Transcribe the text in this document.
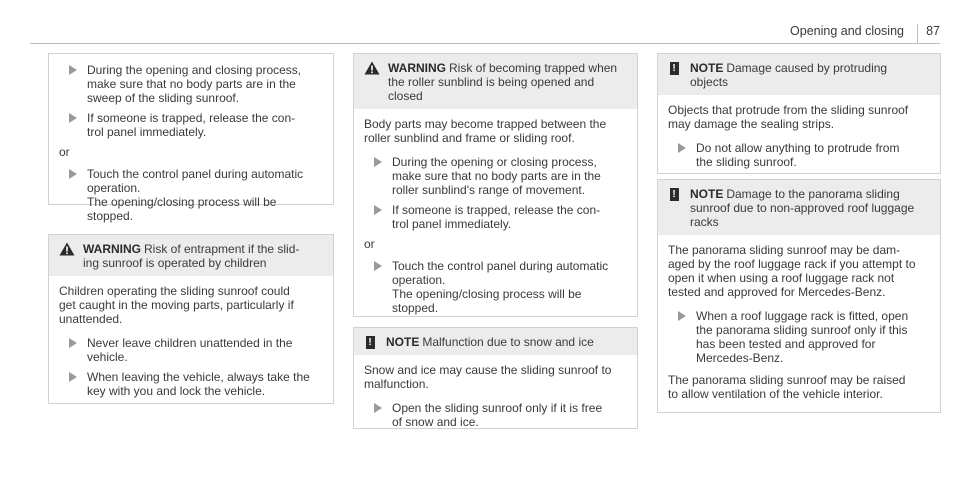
Opening and closing	87
During the opening and closing process,
make sure that no body parts are in the
sweep of the sliding sunroof.
If someone is trapped, release the con-
trol panel immediately.
or
Touch the control panel during automatic
operation.
The opening/closing process will be
stopped.
WARNING Risk of entrapment if the slid-
ing sunroof is operated by children
Children operating the sliding sunroof could
get caught in the moving parts, particularly if
unattended.
Never leave children unattended in the
vehicle.
When leaving the vehicle, always take the
key with you and lock the vehicle.
WARNING Risk of becoming trapped when
the roller sunblind is being opened and
closed
Body parts may become trapped between the
roller sunblind and frame or sliding roof.
During the opening or closing process,
make sure that no body parts are in the
roller sunblind's range of movement.
If someone is trapped, release the con-
trol panel immediately.
or
Touch the control panel during automatic
operation.
The opening/closing process will be
stopped.
! NOTE Malfunction due to snow and ice
Snow and ice may cause the sliding sunroof to
malfunction.
Open the sliding sunroof only if it is free
of snow and ice.
! NOTE Damage caused by protruding
objects
Objects that protrude from the sliding sunroof
may damage the sealing strips.
Do not allow anything to protrude from
the sliding sunroof.
! NOTE Damage to the panorama sliding
sunroof due to non-approved roof luggage
racks
The panorama sliding sunroof may be dam-
aged by the roof luggage rack if you attempt to
open it when using a roof luggage rack not
tested and approved for Mercedes-Benz.
When a roof luggage rack is fitted, open
the panorama sliding sunroof only if this
has been tested and approved for
Mercedes-Benz.
The panorama sliding sunroof may be raised
to allow ventilation of the vehicle interior.
